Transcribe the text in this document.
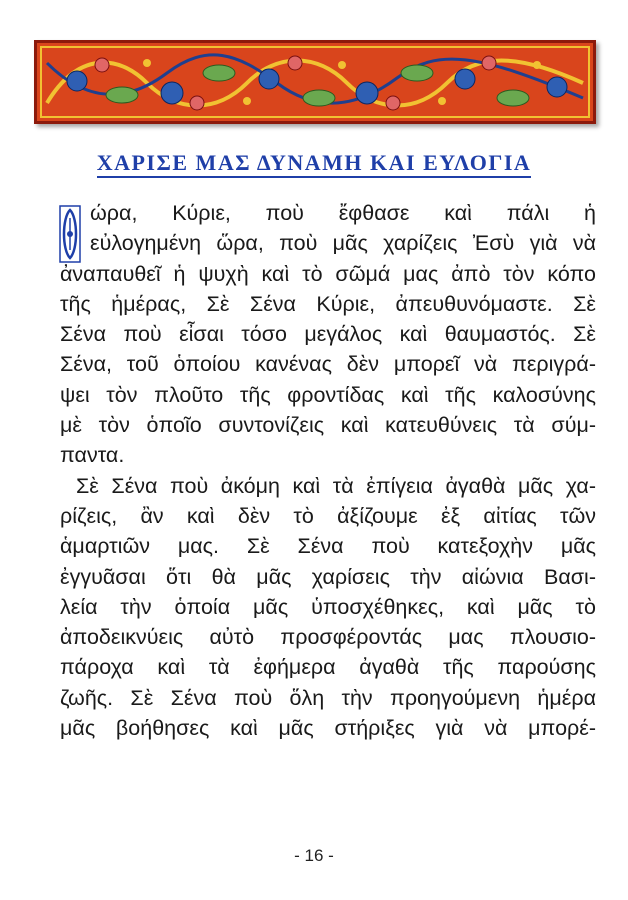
ΧΑΡΙΣΕ ΜΑΣ ΔΥΝΑΜΗ ΚΑΙ ΕΥΛΟΓΙΑ
ώρα, Κύριε, ποὺ ἔφθασε καὶ πάλι ἡ
εὐλογημένη ὥρα, ποὺ μᾶς χαρίζεις Ἐσὺ γιὰ νὰ
ἀναπαυθεῖ ἡ ψυχὴ καὶ τὸ σῶμά μας ἀπὸ τὸν κόπο
τῆς ἡμέρας, Σὲ Σένα Κύριε, ἀπευθυνόμαστε. Σὲ
Σένα ποὺ εἶσαι τόσο μεγάλος καὶ θαυμαστός. Σὲ
Σένα, τοῦ ὁποίου κανένας δὲν μπορεῖ νὰ περιγρά-
ψει τὸν πλοῦτο τῆς φροντίδας καὶ τῆς καλοσύνης
μὲ τὸν ὁποῖο συντονίζεις καὶ κατευθύνεις τὰ σύμ-
παντα.
Σὲ Σένα ποὺ ἀκόμη καὶ τὰ ἐπίγεια ἀγαθὰ μᾶς χα-
ρίζεις, ἂν καὶ δὲν τὸ ἀξίζουμε ἐξ αἰτίας τῶν
ἁμαρτιῶν μας. Σὲ Σένα ποὺ κατεξοχὴν μᾶς
ἐγγυᾶσαι ὅτι θὰ μᾶς χαρίσεις τὴν αἰώνια Βασι-
λεία τὴν ὁποία μᾶς ὑποσχέθηκες, καὶ μᾶς τὸ
ἀποδεικνύεις αὐτὸ προσφέροντάς μας πλουσιο-
πάροχα καὶ τὰ ἐφήμερα ἀγαθὰ τῆς παρούσης
ζωῆς. Σὲ Σένα ποὺ ὅλη τὴν προηγούμενη ἡμέρα
μᾶς βοήθησες καὶ μᾶς στήριξες γιὰ νὰ μπορέ-
- 16 -
